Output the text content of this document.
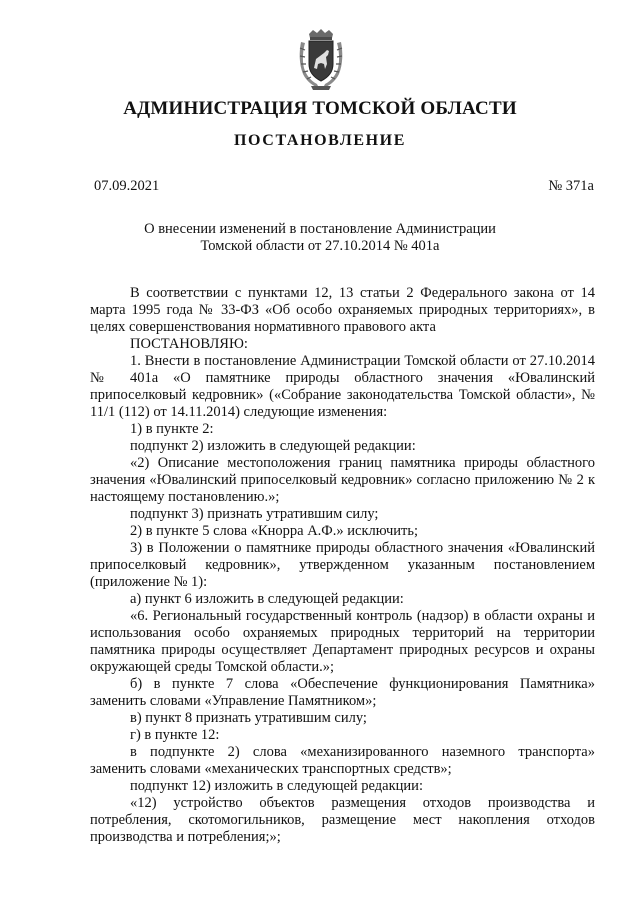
АДМИНИСТРАЦИЯ ТОМСКОЙ ОБЛАСТИ
ПОСТАНОВЛЕНИЕ
07.09.2021	№ 371а
О внесении изменений в постановление Администрации
Томской области от 27.10.2014 № 401а

В соответствии с пунктами 12, 13 статьи 2 Федерального закона от 14 марта 1995 года № 33-ФЗ «Об особо охраняемых природных территориях», в целях совершенствования нормативного правового акта

ПОСТАНОВЛЯЮ:

1. Внести в постановление Администрации Томской области от 27.10.2014 № 401а «О памятнике природы областного значения «Ювалинский припоселковый кедровник» («Собрание законодательства Томской области», № 11/1 (112) от 14.11.2014) следующие изменения:

1) в пункте 2:

подпункт 2) изложить в следующей редакции:

«2) Описание местоположения границ памятника природы областного значения «Ювалинский припоселковый кедровник» согласно приложению № 2 к настоящему постановлению.»;

подпункт 3) признать утратившим силу;

2) в пункте 5 слова «Кнорра А.Ф.» исключить;

3) в Положении о памятнике природы областного значения «Ювалинский припоселковый кедровник», утвержденном указанным постановлением (приложение № 1):

а) пункт 6 изложить в следующей редакции:

«6. Региональный государственный контроль (надзор) в области охраны и использования особо охраняемых природных территорий на территории памятника природы осуществляет Департамент природных ресурсов и охраны окружающей среды Томской области.»;

б) в пункте 7 слова «Обеспечение функционирования Памятника» заменить словами «Управление Памятником»;

в) пункт 8 признать утратившим силу;

г) в пункте 12:

в подпункте 2) слова «механизированного наземного транспорта» заменить словами «механических транспортных средств»;

подпункт 12) изложить в следующей редакции:

«12) устройство объектов размещения отходов производства и потребления, скотомогильников, размещение мест накопления отходов производства и потребления;»;
